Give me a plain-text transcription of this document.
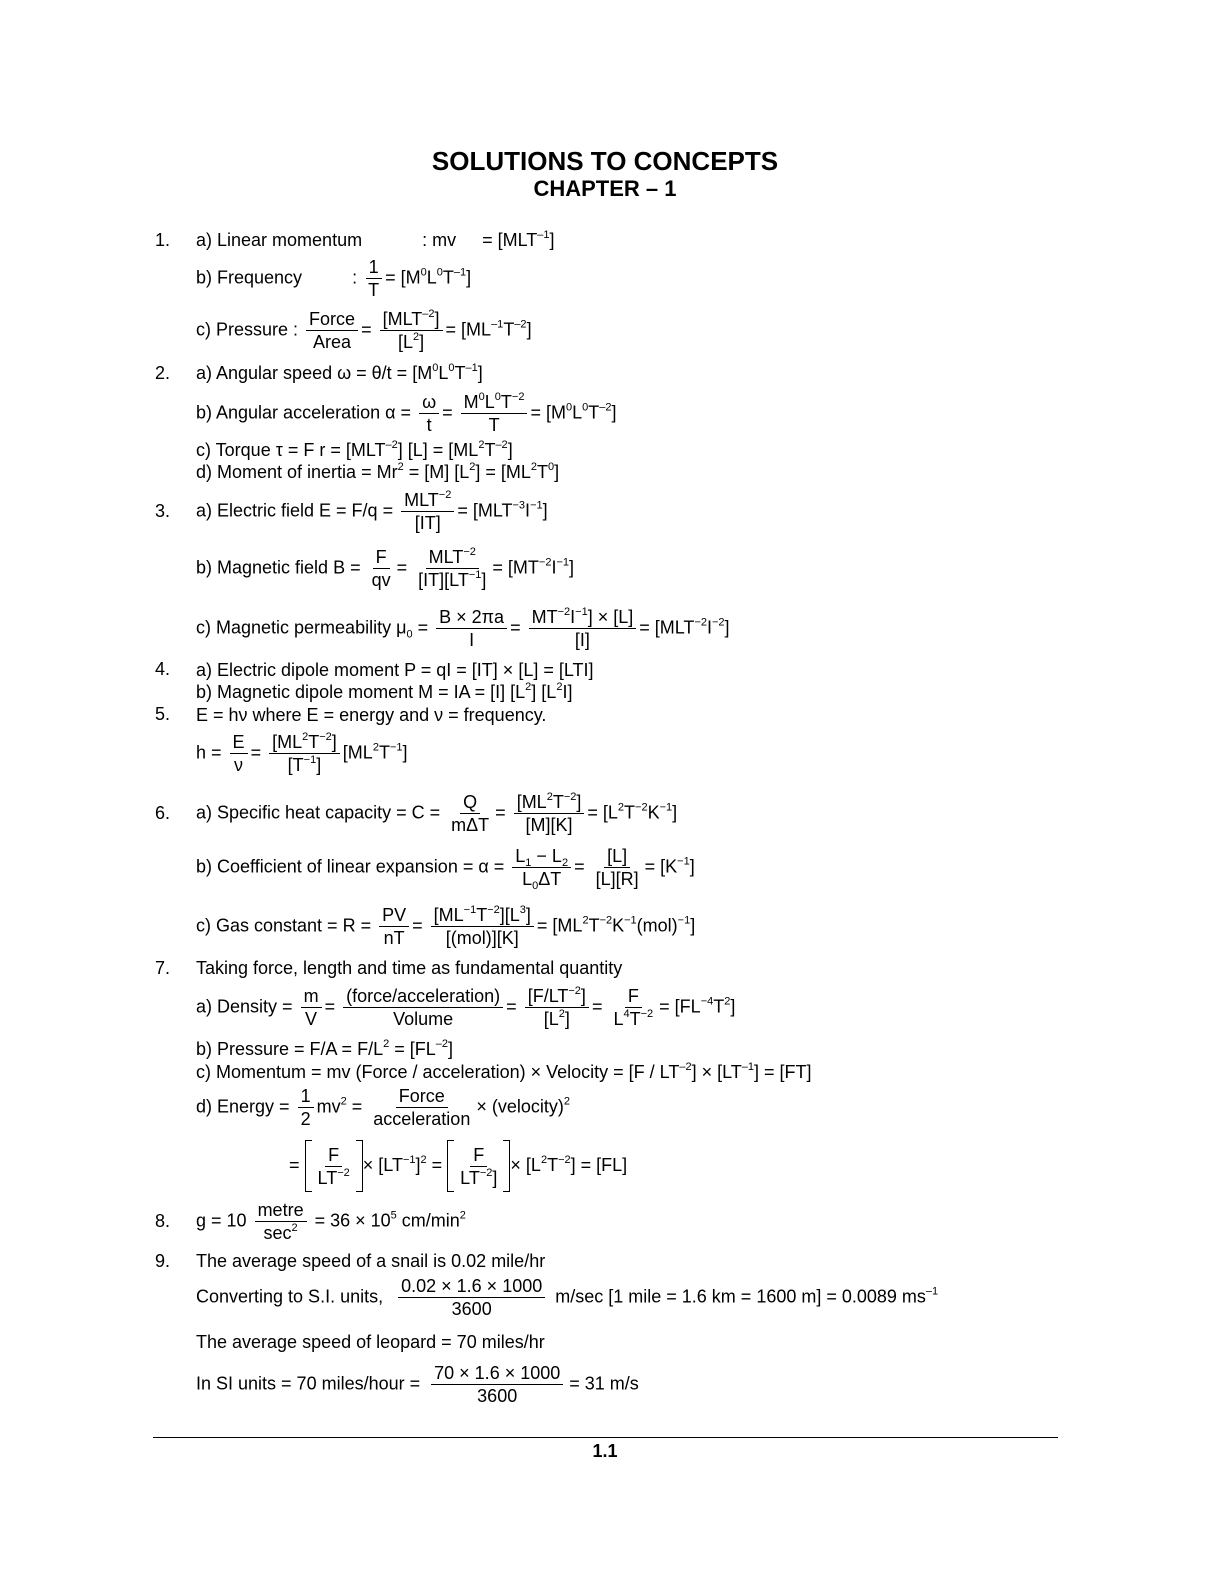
SOLUTIONS TO CONCEPTS
CHAPTER – 1
1.
2.
3.
4.
5.
6.
7.
8.
9.
a) Linear momentum	: mv = $[MLT^{-1}]$
b) Frequency	: $\frac{1}{T} = [M^0L^0T^{-1}]$
c) Pressure : $\frac{\text{Force}}{\text{Area}} = \frac{[MLT^{-2}]}{[L^2]} = [ML^{-1}T^{-2}]$
a) Angular speed $\omega = \theta/t = [M^0L^0T^{-1}]$
b) Angular acceleration $\alpha = \frac{\omega}{t} = \frac{M^0L^0T^{-2}}{T} = [M^0L^0T^{-2}]$
c) Torque τ = F $r = [MLT^{-2}] [L] = [ML^2T^{-2}]$
d) Moment of inertia = $Mr^2 = [M] [L^2] = [ML^2T^0]$
a) Electric field $E = F/q = \frac{MLT^{-2}}{[IT]} = [MLT^{-3}I^{-1}]$
b) Magnetic field $B = \frac{F}{qv} = \frac{MLT^{-2}}{[IT][LT^{-1}]} = [MT^{-2}I^{-1}]$
c) Magnetic permeability $\mu_0 = \frac{B \times 2\pi a}{I} = \frac{MT^{-2}I^{-1}] \times [L]}{[I]} = [MLT^{-2}I^{-2}]$
a) Electric dipole moment P = qI = [IT] × [L] = [LTI]
b) Magnetic dipole moment M = IA = [I] $[L^2]$ $[L^2I]$
E = hν where E = energy and ν = frequency.
$h = \frac{E}{\nu} = \frac{[ML^2T^{-2}]}{[T^{-1}]} [ML^2T^{-1}]$
a) Specific heat capacity = $C = \frac{Q}{\text{mΔT}} = \frac{[ML^2T^{-2}]}{[M][K]} = [L^2T^{-2}K^{-1}]$
b) Coefficient of linear expansion = $\alpha = \frac{L_1 - L_2}{L_0\Delta T} = \frac{[L]}{[L][R]} = [K^{-1}]$
c) Gas constant = $R = \frac{PV}{nT} = \frac{[ML^{-1}T^{-2}][L^3]}{\text{[(mol)][K]}} = [ML^2T^{-2}K^{-1}(mol)^{-1}]$
Taking force, length and time as fundamental quantity
a) Density = $\frac{m}{V} = \frac{\text{(force/acceleration)}}{\text{Volume}} = \frac{[F/LT^{-2}]}{[L^2]} = \frac{F}{L^4T^{-2}} = [FL^{-4}T^2]$
b) Pressure = $F/A = F/L^2 = [FL^{-2}]$
c) Momentum = mv (Force / acceleration) × Velocity = $[F / LT^{-2}] \times [LT^{-1}] = [FT]$
d) Energy = $\frac{1}{2} mv^2 = \frac{\text{Force}}{\text{acceleration}}$ × (velocity)$^2$
= $\frac{F}{LT^{-2}} \times [LT^{-1}]^2 = \frac{F}{LT^{-2}]} \times [L^2T^{-2}] = [FL]$
$g = 10 \frac{\text{metre}}{\sec^2} = 36 \times 10^5$ $cm/\min^2$
The average speed of a snail is 0.02 mile/hr
Converting to S.I. units, $\frac{0.02 \times 1.6 \times 1000}{3600} m/\sec$ [1 mile = 1.6 km = 1600 m] = 0.0089 $ms^{-1}$
The average speed of leopard = 70 miles/hr
In SI units = 70 miles/hour = $\frac{70 \times 1.6 \times 1000}{3600} = 31$ m/s
1.1
